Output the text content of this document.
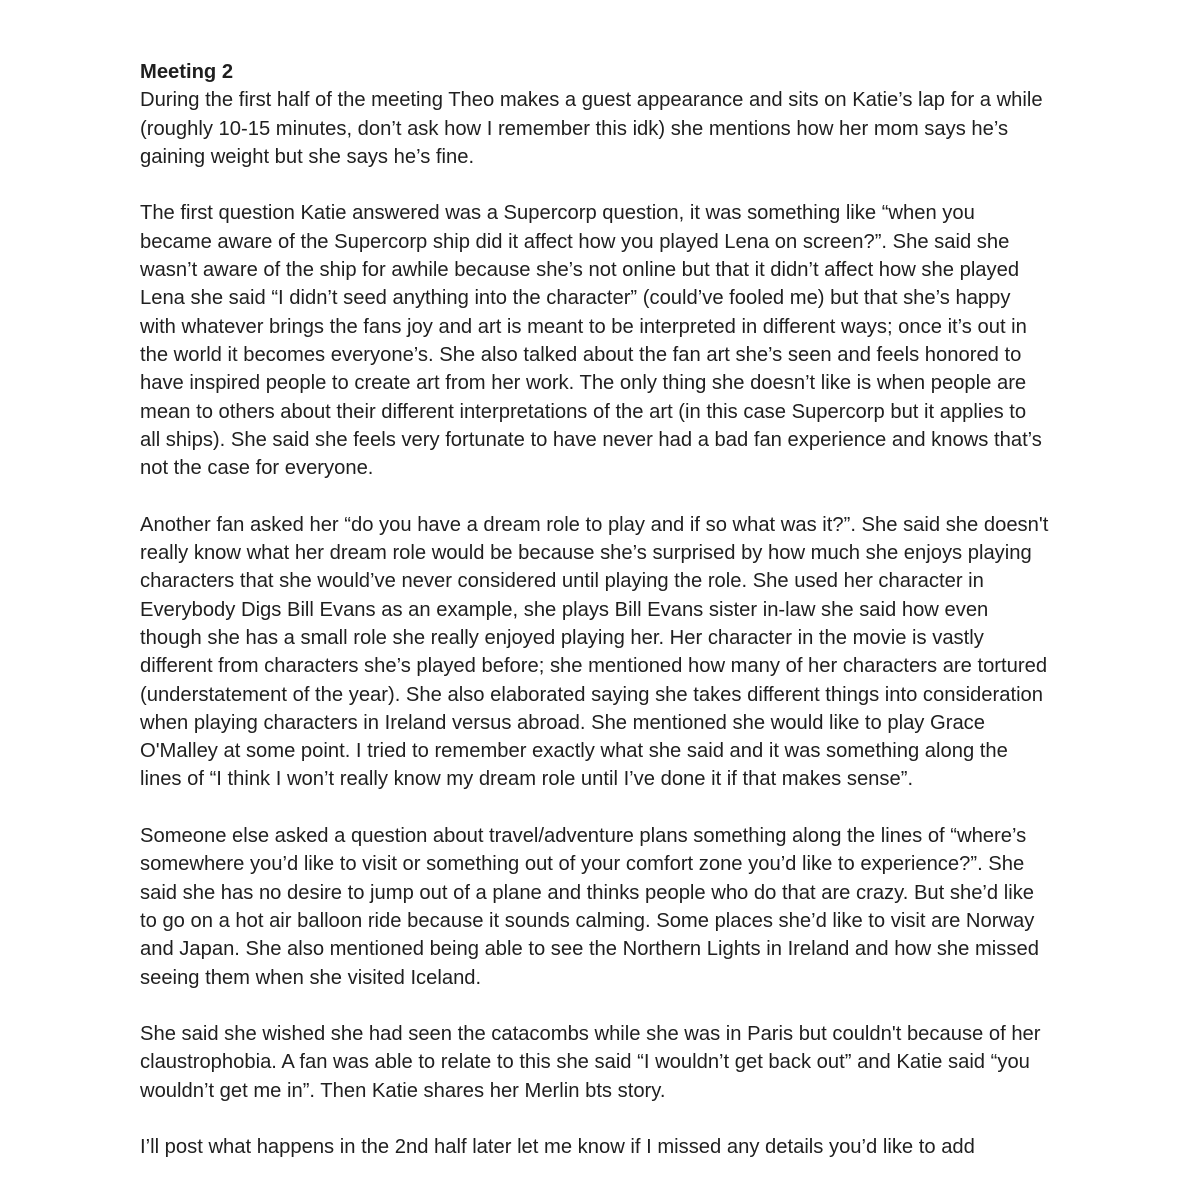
Meeting 2

During the first half of the meeting Theo makes a guest appearance and sits on Katie’s lap for a while (roughly 10-15 minutes, don’t ask how I remember this idk) she mentions how her mom says he’s gaining weight but she says he’s fine.

The first question Katie answered was a Supercorp question, it was something like “when you became aware of the Supercorp ship did it affect how you played Lena on screen?”. She said she wasn’t aware of the ship for awhile because she’s not online but that it didn’t affect how she played Lena she said “I didn’t seed anything into the character” (could’ve fooled me) but that she’s happy with whatever brings the fans joy and art is meant to be interpreted in different ways; once it’s out in the world it becomes everyone’s. She also talked about the fan art she’s seen and feels honored to have inspired people to create art from her work. The only thing she doesn’t like is when people are mean to others about their different interpretations of the art (in this case Supercorp but it applies to all ships). She said she feels very fortunate to have never had a bad fan experience and knows that’s not the case for everyone.

Another fan asked her “do you have a dream role to play and if so what was it?”. She said she doesn't really know what her dream role would be because she’s surprised by how much she enjoys playing characters that she would’ve never considered until playing the role. She used her character in Everybody Digs Bill Evans as an example, she plays Bill Evans sister in-law she said how even though she has a small role she really enjoyed playing her. Her character in the movie is vastly different from characters she’s played before; she mentioned how many of her characters are tortured (understatement of the year). She also elaborated saying she takes different things into consideration when playing characters in Ireland versus abroad. She mentioned she would like to play Grace O'Malley at some point. I tried to remember exactly what she said and it was something along the lines of “I think I won’t really know my dream role until I’ve done it if that makes sense”.

Someone else asked a question about travel/adventure plans something along the lines of “where’s somewhere you’d like to visit or something out of your comfort zone you’d like to experience?”. She said she has no desire to jump out of a plane and thinks people who do that are crazy. But she’d like to go on a hot air balloon ride because it sounds calming. Some places she’d like to visit are Norway and Japan. She also mentioned being able to see the Northern Lights in Ireland and how she missed seeing them when she visited Iceland.

She said she wished she had seen the catacombs while she was in Paris but couldn't because of her claustrophobia. A fan was able to relate to this she said “I wouldn’t get back out” and Katie said “you wouldn’t get me in”. Then Katie shares her Merlin bts story.

I’ll post what happens in the 2nd half later let me know if I missed any details you’d like to add
